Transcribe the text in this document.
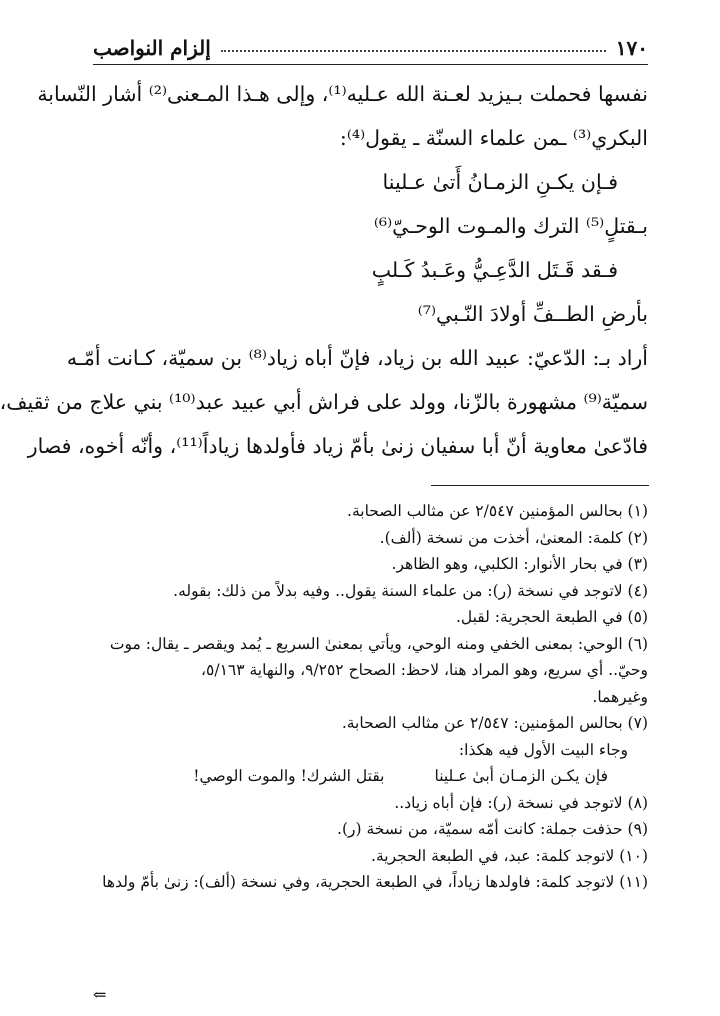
١٧٠
إلزام النواصب
نفسها فحملت بـيزيد لعـنة الله عـليه⁽¹⁾، وإلى هـذا المـعنى⁽²⁾ أشار النّسابة
البكري⁽³⁾ ـمن علماء السنّة ـ يقول⁽⁴⁾:
فـإن يكـنِ الزمـانُ أَتىٰ عـلينا
بـقتلٍ⁽⁵⁾ الترك والمـوت الوحـيّ⁽⁶⁾
فـقد قَـتَل الدَّعِـيُّ وعَـبدُ كَـلبٍ
بأرضِ الطــفِّ أولادَ النّـبي⁽⁷⁾
أراد بـ: الدّعيّ: عبيد الله بن زياد، فإنّ أباه زياد⁽⁸⁾ بن سميّة، كـانت أمّـه
سميّة⁽⁹⁾ مشهورة بالزّنا، وولد على فراش أبي عبيد عبد⁽¹⁰⁾ بني علاج من ثقيف،
فادّعىٰ معاوية أنّ أبا سفيان زنىٰ بأمّ زياد فأولدها زياداً⁽¹¹⁾، وأنّه أخوه، فصار
(١) بحالس المؤمنين ٢/٥٤٧ عن مثالب الصحابة.
(٢) كلمة: المعنىٰ، أخذت من نسخة (ألف).
(٣) في بحار الأنوار: الكلبي، وهو الظاهر.
(٤) لاتوجد في نسخة (ر): من علماء السنة يقول.. وفيه بدلاً من ذلك: بقوله.
(٥) في الطبعة الحجرية: لقبل.
(٦) الوحي: بمعنى الخفي ومنه الوحي، ويأتي بمعنىٰ السريع ـ يُمد ويقصر ـ يقال: موت
وحيّ.. أي سريع، وهو المراد هنا، لاحظ: الصحاح ٩/٢٥٢، والنهاية ٥/١٦٣،
وغيرهما.
(٧) بحالس المؤمنين: ٢/٥٤٧ عن مثالب الصحابة.
وجاء البيت الأول فيه هكذا:
فإن يكـن الزمـان أبىٰ عـلينا
بقتل الشرك! والموت الوصي!
(٨) لاتوجد في نسخة (ر): فإن أباه زياد..
(٩) حذفت جملة: كانت أمّه سميّة، من نسخة (ر).
(١٠) لاتوجد كلمة: عبد، في الطبعة الحجرية.
(١١) لاتوجد كلمة: فاولدها زياداً، في الطبعة الحجرية، وفي نسخة (ألف): زنىٰ بأمّ ولدها
⇐
